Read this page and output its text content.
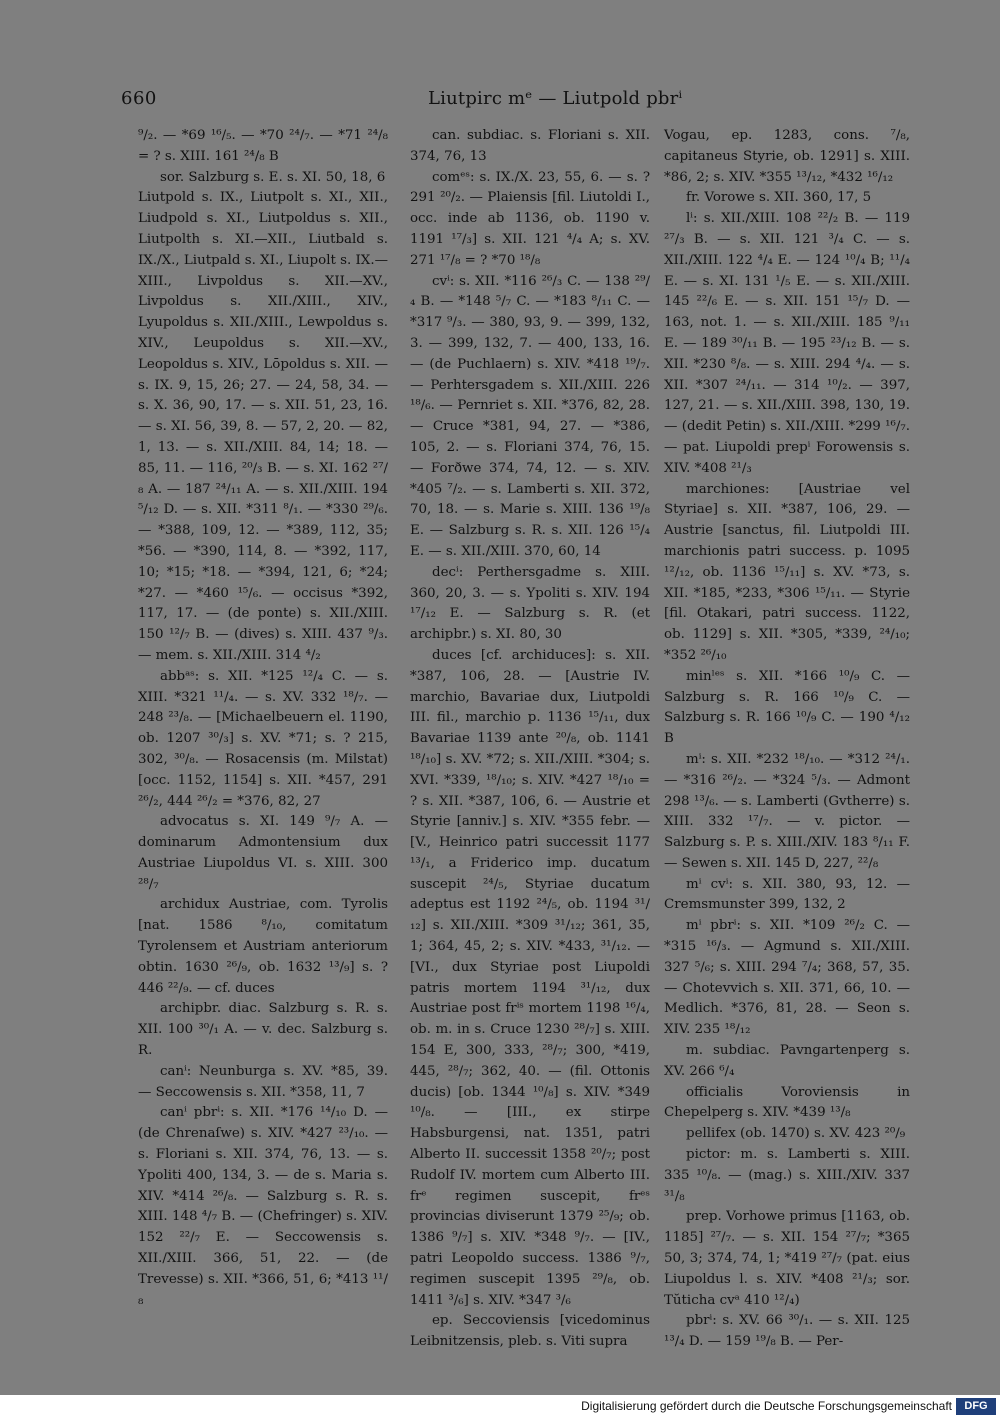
660	Liutpirc mᵉ — Liutpold pbrⁱ

⁹/₂. — *69 ¹⁶/₅. — *70 ²⁴/₇. — *71 ²⁴/₈ = ? s. XIII. 161 ²⁴/₈ B

sor. Salzburg s. E. s. XI. 50, 18, 6

Liutpold s. IX., Liutpolt s. XI., XII., Liudpold s. XI., Liutpoldus s. XII., Liutpolth s. XI.—XII., Liutbald s. IX./X., Liutpald s. XI., Liupolt s. IX.—XIII., Livpoldus s. XII.—XV., Livpoldus s. XII./XIII., XIV., Lyupoldus s. XII./XIII., Lewpoldus s. XIV., Leupoldus s. XII.—XV., Leopoldus s. XIV., Lōpoldus s. XII. — s. IX. 9, 15, 26; 27. — 24, 58, 34. — s. X. 36, 90, 17. — s. XII. 51, 23, 16. — s. XI. 56, 39, 8. — 57, 2, 20. — 82, 1, 13. — s. XII./XIII. 84, 14; 18. — 85, 11. — 116, ²⁰/₃ B. — s. XI. 162 ²⁷/₈ A. — 187 ²⁴/₁₁ A. — s. XII./XIII. 194 ⁵/₁₂ D. — s. XII. *311 ⁸/₁. — *330 ²⁹/₆. — *388, 109, 12. — *389, 112, 35; *56. — *390, 114, 8. — *392, 117, 10; *15; *18. — *394, 121, 6; *24; *27. — *460 ¹⁵/₆. — occisus *392, 117, 17. — (de ponte) s. XII./XIII. 150 ¹²/₇ B. — (dives) s. XIII. 437 ⁹/₃. — mem. s. XII./XIII. 314 ⁴/₂

abbᵃˢ: s. XII. *125 ¹²/₄ C. — s. XIII. *321 ¹¹/₄. — s. XV. 332 ¹⁸/₇. — 248 ²³/₈. — [Michaelbeuern el. 1190, ob. 1207 ³⁰/₃] s. XV. *71; s. ? 215, 302, ³⁰/₈. — Rosacensis (m. Milstat) [occ. 1152, 1154] s. XII. *457, 291 ²⁶/₂, 444 ²⁶/₂ = *376, 82, 27

advocatus s. XI. 149 ⁹/₇ A. — dominarum Admontensium dux Austriae Liupoldus VI. s. XIII. 300 ²⁸/₇

archidux Austriae, com. Tyrolis [nat. 1586 ⁸/₁₀, comitatum Tyrolensem et Austriam anteriorum obtin. 1630 ²⁶/₉, ob. 1632 ¹³/₉] s. ? 446 ²²/₉. — cf. duces

archipbr. diac. Salzburg s. R. s. XII. 100 ³⁰/₁ A. — v. dec. Salzburg s. R.

canⁱ: Neunburga s. XV. *85, 39. — Seccowensis s. XII. *358, 11, 7

canⁱ pbrⁱ: s. XII. *176 ¹⁴/₁₀ D. — (de Chrenaſwe) s. XIV. *427 ²³/₁₀. — s. Floriani s. XII. 374, 76, 13. — s. Ypoliti 400, 134, 3. — de s. Maria s. XIV. *414 ²⁶/₈. — Salzburg s. R. s. XIII. 148 ⁴/₇ B. — (Chefringer) s. XIV. 152 ²²/₇ E. — Seccowensis s. XII./XIII. 366, 51, 22. — (de Trevesse) s. XII. *366, 51, 6; *413 ¹¹/₈

can. subdiac. s. Floriani s. XII. 374, 76, 13

comᵉˢ: s. IX./X. 23, 55, 6. — s. ? 291 ²⁰/₂. — Plaiensis [fil. Liutoldi I., occ. inde ab 1136, ob. 1190 v. 1191 ¹⁷/₃] s. XII. 121 ⁴/₄ A; s. XV. 271 ¹⁷/₈ = ? *70 ¹⁸/₈

cvⁱ: s. XII. *116 ²⁶/₃ C. — 138 ²⁹/₄ B. — *148 ⁵/₇ C. — *183 ⁸/₁₁ C. — *317 ⁹/₃. — 380, 93, 9. — 399, 132, 3. — 399, 132, 7. — 400, 133, 16. — (de Puchlaern) s. XIV. *418 ¹⁹/₇. — Perhtersgadem s. XII./XIII. 226 ¹⁸/₆. — Pernriet s. XII. *376, 82, 28. — Cruce *381, 94, 27. — *386, 105, 2. — s. Floriani 374, 76, 15. — Forðwe 374, 74, 12. — s. XIV. *405 ⁷/₂. — s. Lamberti s. XII. 372, 70, 18. — s. Marie s. XIII. 136 ¹⁹/₈ E. — Salzburg s. R. s. XII. 126 ¹⁵/₄ E. — s. XII./XIII. 370, 60, 14

decⁱ: Perthersgadme s. XIII. 360, 20, 3. — s. Ypoliti s. XIV. 194 ¹⁷/₁₂ E. — Salzburg s. R. (et archipbr.) s. XI. 80, 30

duces [cf. archiduces]: s. XII. *387, 106, 28. — [Austrie IV. marchio, Bavariae dux, Liutpoldi III. fil., marchio p. 1136 ¹⁵/₁₁, dux Bavariae 1139 ante ²⁰/₈, ob. 1141 ¹⁸/₁₀] s. XV. *72; s. XII./XIII. *304; s. XVI. *339, ¹⁸/₁₀; s. XIV. *427 ¹⁸/₁₀ = ? s. XII. *387, 106, 6. — Austrie et Styrie [anniv.] s. XIV. *355 febr. — [V., Heinrico patri successit 1177 ¹³/₁, a Friderico imp. ducatum suscepit ²⁴/₅, Styriae ducatum adeptus est 1192 ²⁴/₅, ob. 1194 ³¹/₁₂] s. XII./XIII. *309 ³¹/₁₂; 361, 35, 1; 364, 45, 2; s. XIV. *433, ³¹/₁₂. — [VI., dux Styriae post Liupoldi patris mortem 1194 ³¹/₁₂, dux Austriae post frⁱˢ mortem 1198 ¹⁶/₄, ob. m. in s. Cruce 1230 ²⁸/₇] s. XIII. 154 E, 300, 333, ²⁸/₇; 300, *419, 445, ²⁸/₇; 362, 40. — (fil. Ottonis ducis) [ob. 1344 ¹⁰/₈] s. XIV. *349 ¹⁰/₈. — [III., ex stirpe Habsburgensi, nat. 1351, patri Alberto II. successit 1358 ²⁰/₇; post Rudolf IV. mortem cum Alberto III. frᵉ regimen suscepit, frᵉˢ provincias diviserunt 1379 ²⁵/₉; ob. 1386 ⁹/₇] s. XIV. *348 ⁹/₇. — [IV., patri Leopoldo success. 1386 ⁹/₇, regimen suscepit 1395 ²⁹/₈, ob. 1411 ³/₆] s. XIV. *347 ³/₆

ep. Seccoviensis [vicedominus Leibnitzensis, pleb. s. Viti supra

Vogau, ep. 1283, cons. ⁷/₈, capitaneus Styrie, ob. 1291] s. XIII. *86, 2; s. XIV. *355 ¹³/₁₂, *432 ¹⁶/₁₂

fr. Vorowe s. XII. 360, 17, 5

lⁱ: s. XII./XIII. 108 ²²/₂ B. — 119 ²⁷/₃ B. — s. XII. 121 ³/₄ C. — s. XII./XIII. 122 ⁴/₄ E. — 124 ¹⁰/₄ B; ¹¹/₄ E. — s. XI. 131 ¹/₅ E. — s. XII./XIII. 145 ²²/₆ E. — s. XII. 151 ¹⁵/₇ D. — 163, not. 1. — s. XII./XIII. 185 ⁹/₁₁ E. — 189 ³⁰/₁₁ B. — 195 ²³/₁₂ B. — s. XII. *230 ⁸/₈. — s. XIII. 294 ⁴/₄. — s. XII. *307 ²⁴/₁₁. — 314 ¹⁰/₂. — 397, 127, 21. — s. XII./XIII. 398, 130, 19. — (dedit Petin) s. XII./XIII. *299 ¹⁶/₇. — pat. Liupoldi prepⁱ Forowensis s. XIV. *408 ²¹/₃

marchiones: [Austriae vel Styriae] s. XII. *387, 106, 29. — Austrie [sanctus, fil. Liutpoldi III. marchionis patri success. p. 1095 ¹²/₁₂, ob. 1136 ¹⁵/₁₁] s. XV. *73, s. XII. *185, *233, *306 ¹⁵/₁₁. — Styrie [fil. Otakari, patri success. 1122, ob. 1129] s. XII. *305, *339, ²⁴/₁₀; *352 ²⁶/₁₀

minˡᵉˢ s. XII. *166 ¹⁰/₉ C. — Salzburg s. R. 166 ¹⁰/₉ C. — Salzburg s. R. 166 ¹⁰/₉ C. — 190 ⁴/₁₂ B

mⁱ: s. XII. *232 ¹⁸/₁₀. — *312 ²⁴/₁. — *316 ²⁶/₂. — *324 ⁵/₃. — Admont 298 ¹³/₆. — s. Lamberti (Gvtherre) s. XIII. 332 ¹⁷/₇. — v. pictor. — Salzburg s. P. s. XIII./XIV. 183 ⁸/₁₁ F. — Sewen s. XII. 145 D, 227, ²²/₈

mⁱ cvⁱ: s. XII. 380, 93, 12. — Cremsmunster 399, 132, 2

mⁱ pbrⁱ: s. XII. *109 ²⁶/₂ C. — *315 ¹⁶/₃. — Agmund s. XII./XIII. 327 ⁵/₆; s. XIII. 294 ⁷/₄; 368, 57, 35. — Chotevvich s. XII. 371, 66, 10. — Medlich. *376, 81, 28. — Seon s. XIV. 235 ¹⁸/₁₂

m. subdiac. Pavngartenperg s. XV. 266 ⁶/₄

officialis Voroviensis in Chepelperg s. XIV. *439 ¹³/₈

pellifex (ob. 1470) s. XV. 423 ²⁰/₉

pictor: m. s. Lamberti s. XIII. 335 ¹⁰/₈. — (mag.) s. XIII./XIV. 337 ³¹/₈

prep. Vorhowe primus [1163, ob. 1185] ²⁷/₇. — s. XII. 154 ²⁷/₇; *365 50, 3; 374, 74, 1; *419 ²⁷/₇ (pat. eius Liupoldus l. s. XIV. *408 ²¹/₃; sor. Tŭticha cvᵃ 410 ¹²/₄)

pbrⁱ: s. XV. 66 ³⁰/₁. — s. XII. 125 ¹³/₄ D. — 159 ¹⁹/₈ B. — Per-

Digitalisierung gefördert durch die Deutsche Forschungsgemeinschaft	DFG
